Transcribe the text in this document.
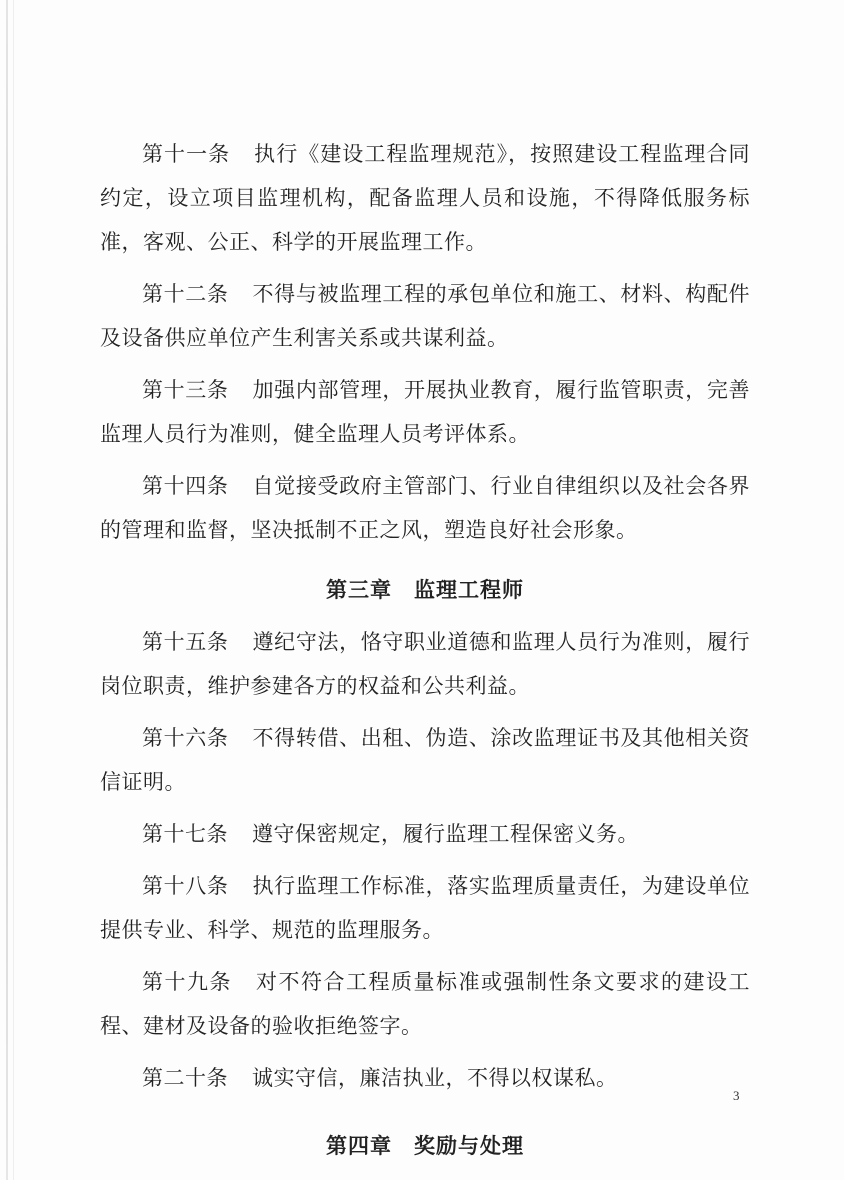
第十一条 执行《建设工程监理规范》，按照建设工程监理合同约定，设立项目监理机构，配备监理人员和设施，不得降低服务标准，客观、公正、科学的开展监理工作。

第十二条 不得与被监理工程的承包单位和施工、材料、构配件及设备供应单位产生利害关系或共谋利益。

第十三条 加强内部管理，开展执业教育，履行监管职责，完善监理人员行为准则，健全监理人员考评体系。

第十四条 自觉接受政府主管部门、行业自律组织以及社会各界的管理和监督，坚决抵制不正之风，塑造良好社会形象。

第三章 监理工程师

第十五条 遵纪守法，恪守职业道德和监理人员行为准则，履行岗位职责，维护参建各方的权益和公共利益。

第十六条 不得转借、出租、伪造、涂改监理证书及其他相关资信证明。

第十七条 遵守保密规定，履行监理工程保密义务。

第十八条 执行监理工作标准，落实监理质量责任，为建设单位提供专业、科学、规范的监理服务。

第十九条 对不符合工程质量标准或强制性条文要求的建设工程、建材及设备的验收拒绝签字。

第二十条 诚实守信，廉洁执业，不得以权谋私。

第四章 奖励与处理
3
